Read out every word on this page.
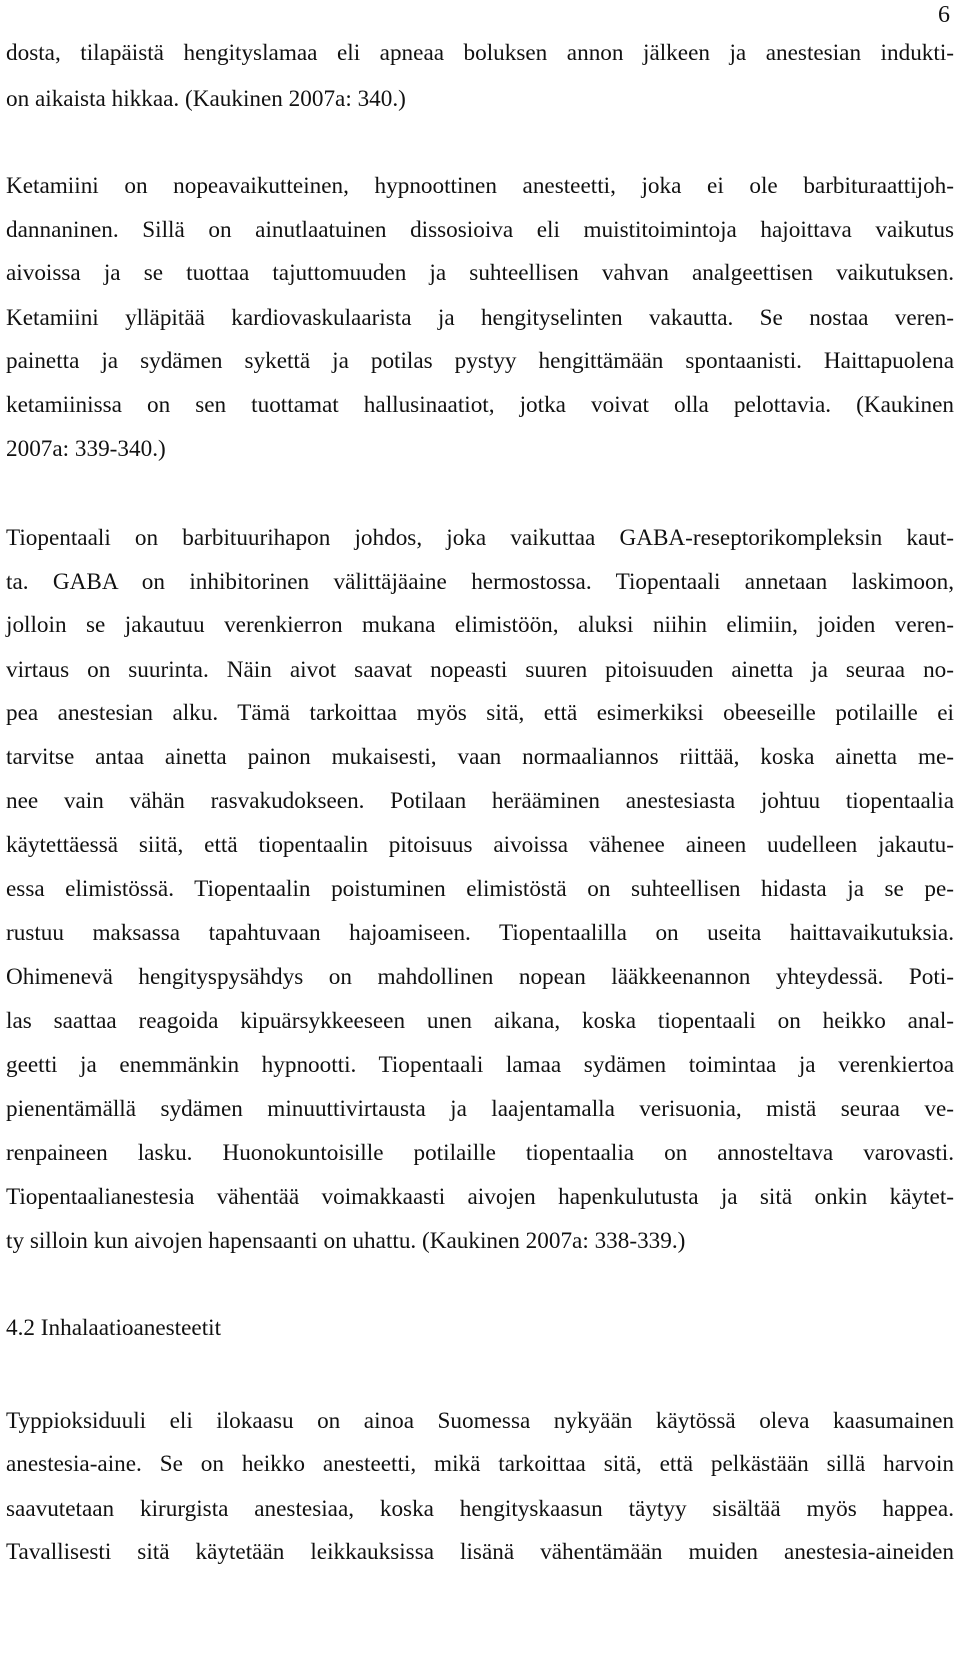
6
dosta, tilapäistä hengityslamaa eli apneaa boluksen annon jälkeen ja anestesian indukti-
on aikaista hikkaa. (Kaukinen 2007a: 340.)
Ketamiini on nopeavaikutteinen, hypnoottinen anesteetti, joka ei ole barbituraattijoh-
dannaninen. Sillä on ainutlaatuinen dissosioiva eli muistitoimintoja hajoittava vaikutus
aivoissa ja se tuottaa tajuttomuuden ja suhteellisen vahvan analgeettisen vaikutuksen.
Ketamiini ylläpitää kardiovaskulaarista ja hengityselinten vakautta. Se nostaa veren-
painetta ja sydämen sykettä ja potilas pystyy hengittämään spontaanisti. Haittapuolena
ketamiinissa on sen tuottamat hallusinaatiot, jotka voivat olla pelottavia. (Kaukinen
2007a: 339-340.)
Tiopentaali on barbituurihapon johdos, joka vaikuttaa GABA-reseptorikompleksin kaut-
ta. GABA on inhibitorinen välittäjäaine hermostossa. Tiopentaali annetaan laskimoon,
jolloin se jakautuu verenkierron mukana elimistöön, aluksi niihin elimiin, joiden veren-
virtaus on suurinta. Näin aivot saavat nopeasti suuren pitoisuuden ainetta ja seuraa no-
pea anestesian alku. Tämä tarkoittaa myös sitä, että esimerkiksi obeeseille potilaille ei
tarvitse antaa ainetta painon mukaisesti, vaan normaaliannos riittää, koska ainetta me-
nee vain vähän rasvakudokseen. Potilaan herääminen anestesiasta johtuu tiopentaalia
käytettäessä siitä, että tiopentaalin pitoisuus aivoissa vähenee aineen uudelleen jakautu-
essa elimistössä. Tiopentaalin poistuminen elimistöstä on suhteellisen hidasta ja se pe-
rustuu maksassa tapahtuvaan hajoamiseen. Tiopentaalilla on useita haittavaikutuksia.
Ohimenevä hengityspysähdys on mahdollinen nopean lääkkeenannon yhteydessä. Poti-
las saattaa reagoida kipuärsykkeeseen unen aikana, koska tiopentaali on heikko anal-
geetti ja enemmänkin hypnootti. Tiopentaali lamaa sydämen toimintaa ja verenkiertoa
pienentämällä sydämen minuuttivirtausta ja laajentamalla verisuonia, mistä seuraa ve-
renpaineen lasku. Huonokuntoisille potilaille tiopentaalia on annosteltava varovasti.
Tiopentaalianestesia vähentää voimakkaasti aivojen hapenkulutusta ja sitä onkin käytet-
ty silloin kun aivojen hapensaanti on uhattu. (Kaukinen 2007a: 338-339.)
4.2 Inhalaatioanesteetit
Typpioksiduuli eli ilokaasu on ainoa Suomessa nykyään käytössä oleva kaasumainen
anestesia-aine. Se on heikko anesteetti, mikä tarkoittaa sitä, että pelkästään sillä harvoin
saavutetaan kirurgista anestesiaa, koska hengityskaasun täytyy sisältää myös happea.
Tavallisesti sitä käytetään leikkauksissa lisänä vähentämään muiden anestesia-aineiden
